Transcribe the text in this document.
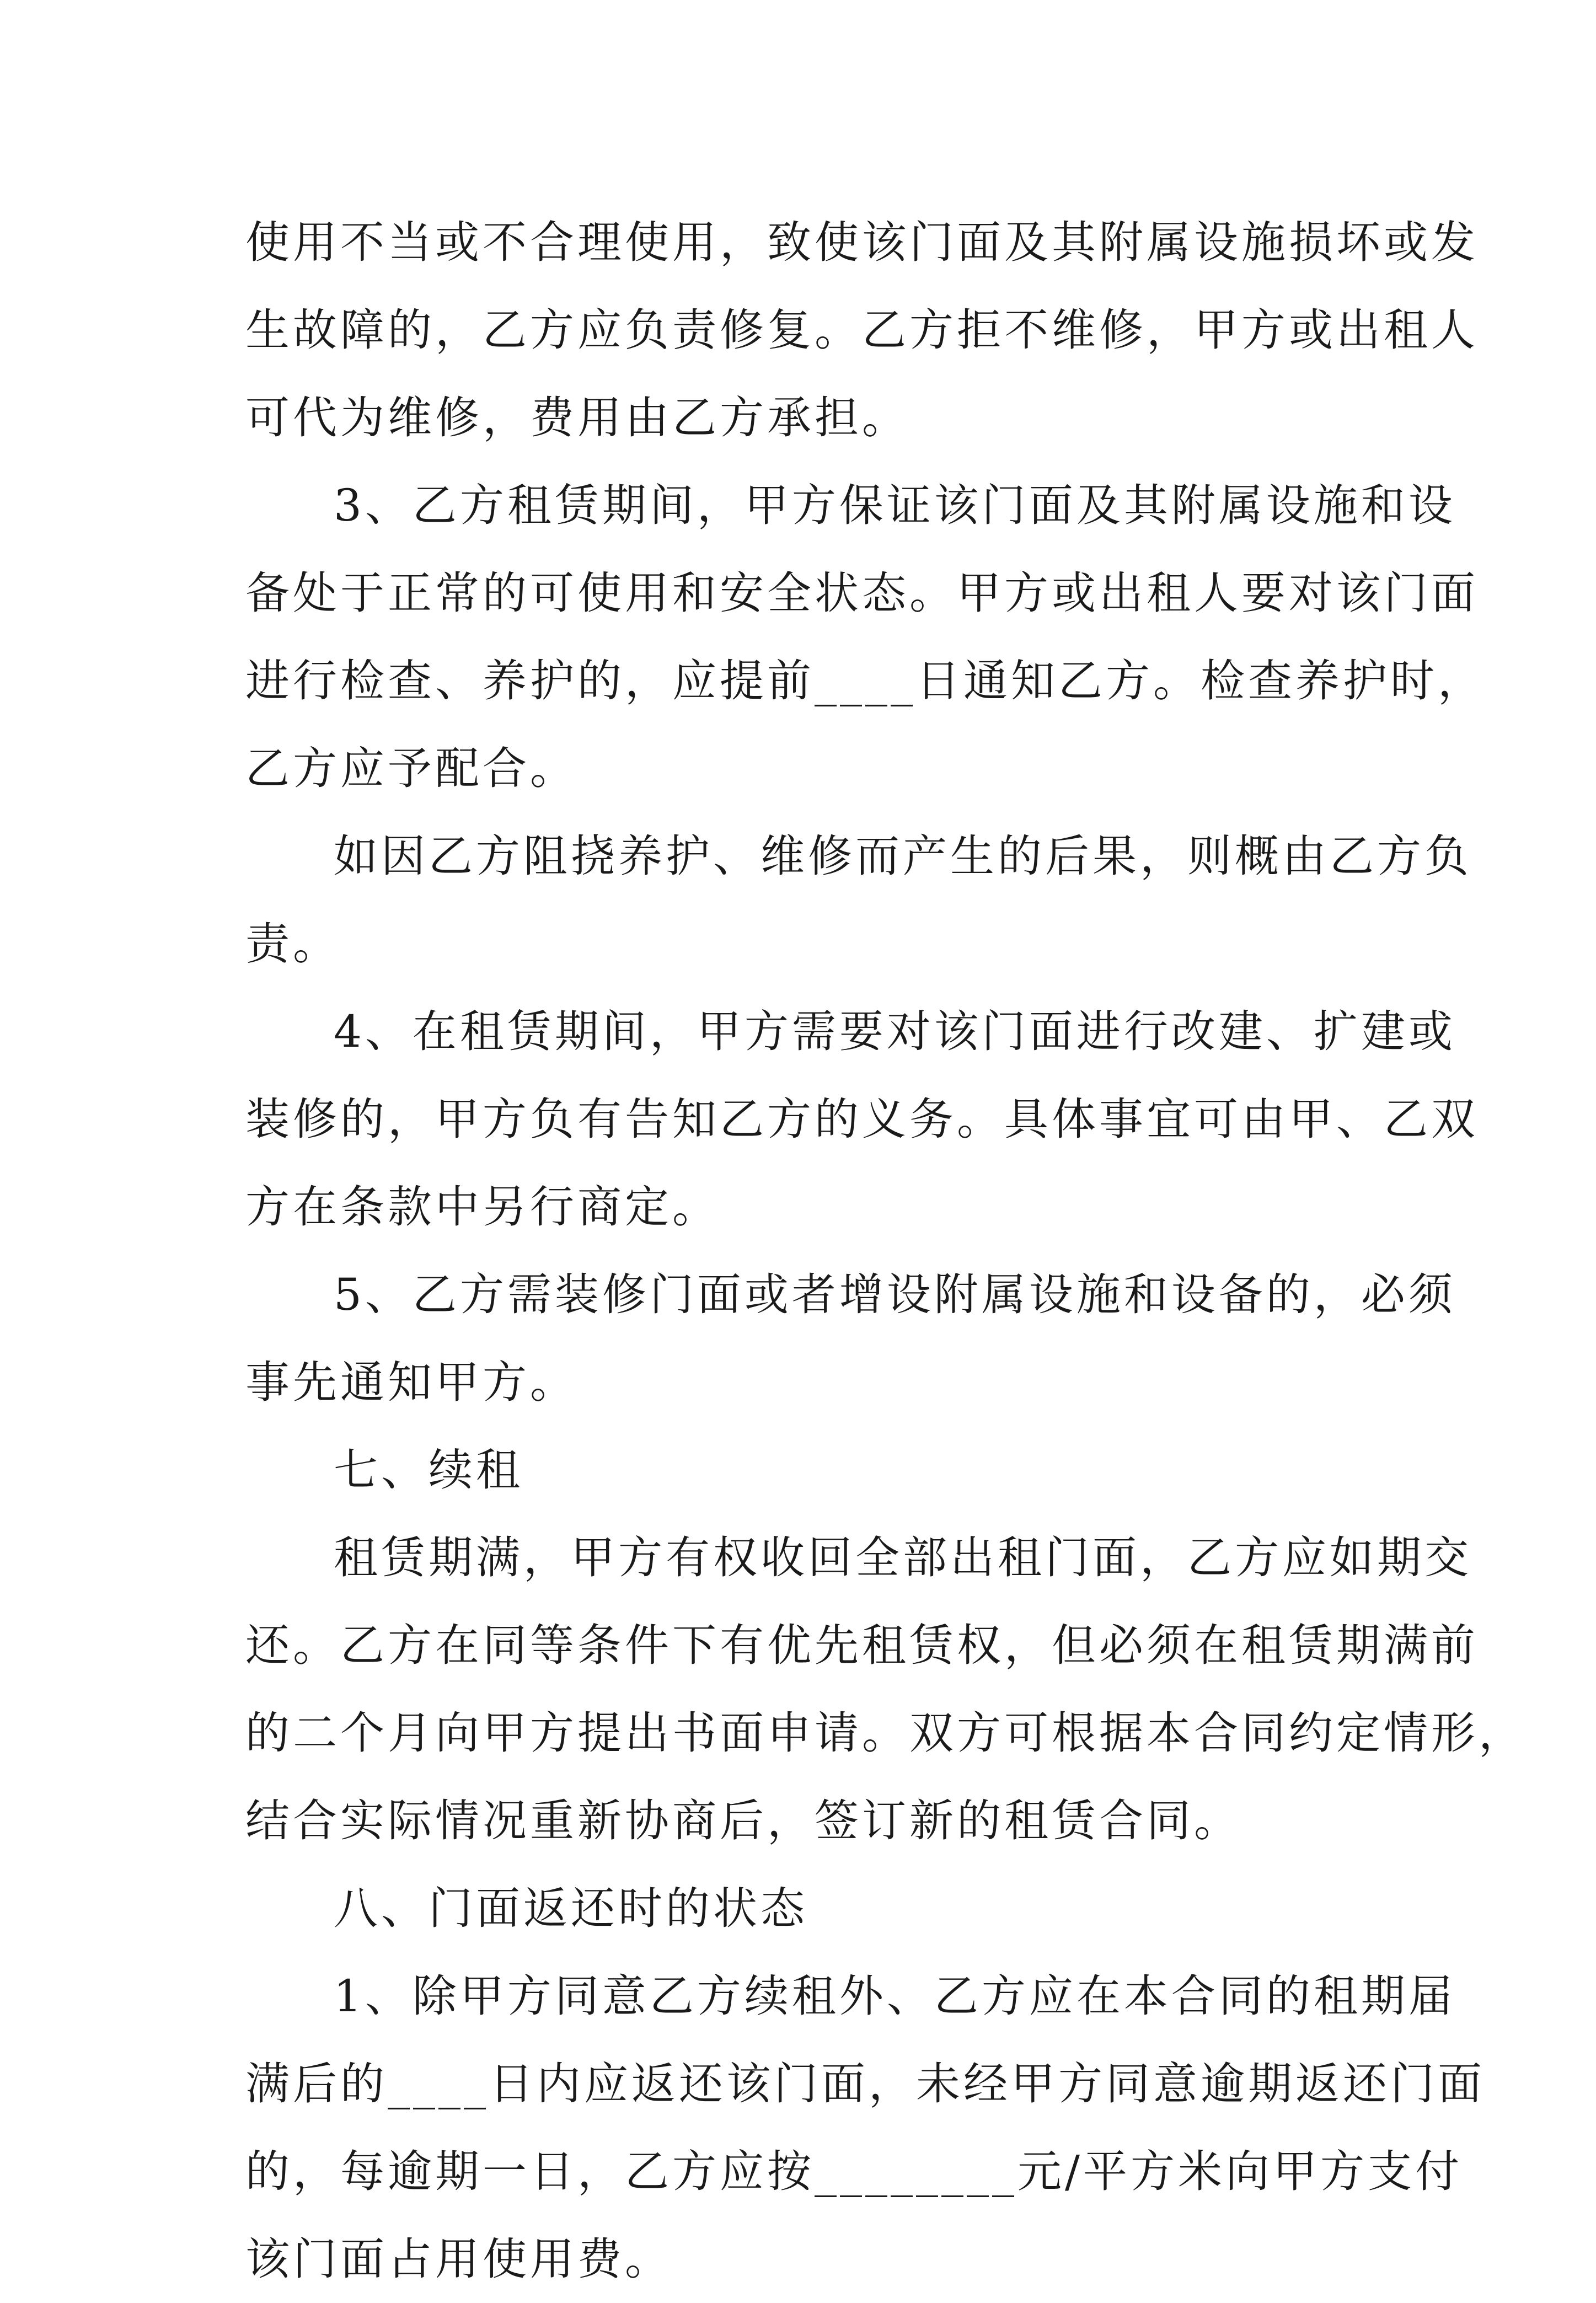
使用不当或不合理使用，致使该门面及其附属设施损坏或发
生故障的，乙方应负责修复。乙方拒不维修，甲方或出租人
可代为维修，费用由乙方承担。
3、乙方租赁期间，甲方保证该门面及其附属设施和设
备处于正常的可使用和安全状态。甲方或出租人要对该门面
进行检查、养护的，应提前____日通知乙方。检查养护时，
乙方应予配合。
如因乙方阻挠养护、维修而产生的后果，则概由乙方负
责。
4、在租赁期间，甲方需要对该门面进行改建、扩建或
装修的，甲方负有告知乙方的义务。具体事宜可由甲、乙双
方在条款中另行商定。
5、乙方需装修门面或者增设附属设施和设备的，必须
事先通知甲方。
七、续租
租赁期满，甲方有权收回全部出租门面，乙方应如期交
还。乙方在同等条件下有优先租赁权，但必须在租赁期满前
的二个月向甲方提出书面申请。双方可根据本合同约定情形，
结合实际情况重新协商后，签订新的租赁合同。
八、门面返还时的状态
1、除甲方同意乙方续租外、乙方应在本合同的租期届
满后的____日内应返还该门面，未经甲方同意逾期返还门面
的，每逾期一日，乙方应按________元/平方米向甲方支付
该门面占用使用费。
